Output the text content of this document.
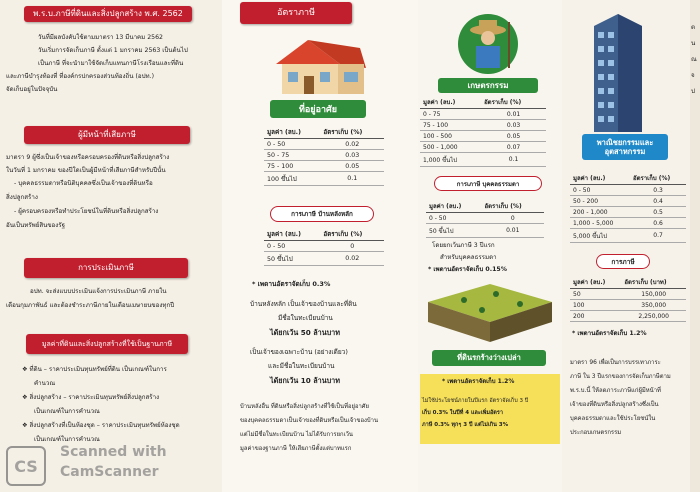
พ.ร.บ.ภาษีที่ดินและสิ่งปลูกสร้าง พ.ศ. 2562
วันที่มีผลบังคับใช้ตามมาตรา 13 มีนาคม 2562
วันเริ่มการจัดเก็บภาษี ตั้งแต่ 1 มกราคม 2563 เป็นต้นไป
เป็นภาษี ที่จะนำมาใช้จัดเก็บแทนภาษีโรงเรือนและที่ดิน
และภาษีบำรุงท้องที่ ที่องค์กรปกครองส่วนท้องถิ่น (อปท.)
จัดเก็บอยู่ในปัจจุบัน
ผู้มีหน้าที่เสียภาษี
มาตรา 9 ผู้ซึ่งเป็นเจ้าของหรือครอบครองที่ดินหรือสิ่งปลูกสร้าง
ในวันที่ 1 มกราคม ของปีใดเป็นผู้มีหน้าที่เสียภาษีสำหรับปีนั้น
- บุคคลธรรมดาหรือนิติบุคคลซึ่งเป็นเจ้าของที่ดินหรือ
สิ่งปลูกสร้าง
- ผู้ครอบครองหรือทำประโยชน์ในที่ดินหรือสิ่งปลูกสร้าง
อันเป็นทรัพย์สินของรัฐ
การประเมินภาษี
อปท. จะส่งแบบประเมินแจ้งการประเมินภาษี ภายใน
เดือนกุมภาพันธ์ และต้องชำระภาษีภายในเดือนเมษายนของทุกปี
มูลค่าที่ดินและสิ่งปลูกสร้างที่ใช้เป็นฐานภาษี
❖ ที่ดิน – ราคาประเมินทุนทรัพย์ที่ดิน เป็นเกณฑ์ในการ
คำนวณ
❖ สิ่งปลูกสร้าง – ราคาประเมินทุนทรัพย์สิ่งปลูกสร้าง
เป็นเกณฑ์ในการคำนวณ
❖ สิ่งปลูกสร้างที่เป็นห้องชุด – ราคาประเมินทุนทรัพย์ห้องชุด
เป็นเกณฑ์ในการคำนวณ
CS
Scanned with
CamScanner
อัตราภาษี
ที่อยู่อาศัย
มูลค่า (ลบ.)	อัตราเก็บ (%)
0 - 50	0.02
50 - 75	0.03
75 - 100	0.05
100 ขึ้นไป	0.1
การเภาษี บ้านหลังหลัก
มูลค่า (ลบ.)	อัตราเก็บ (%)
0 - 50	0
50 ขึ้นไป	0.02
* เพดานอัตราจัดเก็บ 0.3%
บ้านหลังหลัก เป็นเจ้าของบ้านและที่ดิน
มีชื่อในทะเบียนบ้าน
ได้ยกเว้น 50 ล้านบาท
เป็นเจ้าของเฉพาะบ้าน (อย่างเดียว)
และมีชื่อในทะเบียนบ้าน
ได้ยกเว้น 10 ล้านบาท
บ้านหลังอื่น ที่ดินหรือสิ่งปลูกสร้างที่ใช้เป็นที่อยู่อาศัย
ของบุคคลธรรมดาเป็นเจ้าของที่ดินหรือเป็นเจ้าของบ้าน
แต่ไม่มีชื่อในทะเบียนบ้าน ไม่ได้รับการยกเว้น
มูลค่าของฐานภาษี ให้เสียภาษีตั้งแต่บาทแรก
เกษตรกรรม
มูลค่า (ลบ.)	อัตราเก็บ (%)
0 - 75	0.01
75 - 100	0.03
100 - 500	0.05
500 - 1,000	0.07
1,000 ขึ้นไป	0.1
การเภาษี บุคคลธรรมดา
มูลค่า (ลบ.)	อัตราเก็บ (%)
0 - 50	0
50 ขึ้นไป	0.01
โดยยกเว้นภาษี 3 ปีแรก
สำหรับบุคคลธรรมดา
* เพดานอัตราจัดเก็บ 0.15%
ที่ดินรกร้างว่างเปล่า
* เพดานอัตราจัดเก็บ 1.2%
ไม่ใช้ประโยชน์ภายในปีแรก อัตราจัดเก็บ 3 ปี
เก็บ 0.3% ในปีที่ 4 และเพิ่มอัตรา
ภาษี 0.3% ทุกๆ 3 ปี แต่ไม่เกิน 3%
พาณิชยกรรมและอุตสาหกรรม
มูลค่า (ลบ.)	อัตราเก็บ (%)
0 - 50	0.3
50 - 200	0.4
200 - 1,000	0.5
1,000 - 5,000	0.6
5,000 ขึ้นไป	0.7
การภาษี
มูลค่า (ลบ.)	อัตราเก็บ (บาท)
50	150,000
100	350,000
200	2,250,000
* เพดานอัตราจัดเก็บ 1.2%
มาตรา 96 เพื่อเป็นการบรรเทาภาระ
ภาษี ใน 3 ปีแรกของการจัดเก็บภาษีตาม
พ.ร.บ.นี้ ให้ลดภาระภาษีแก่ผู้มีหน้าที่
เจ้าของที่ดินหรือสิ่งปลูกสร้างซึ่งเป็น
บุคคลธรรมดาและใช้ประโยชน์ใน
ประกอบเกษตรกรรม
ต
น
ณ
จ
ป
